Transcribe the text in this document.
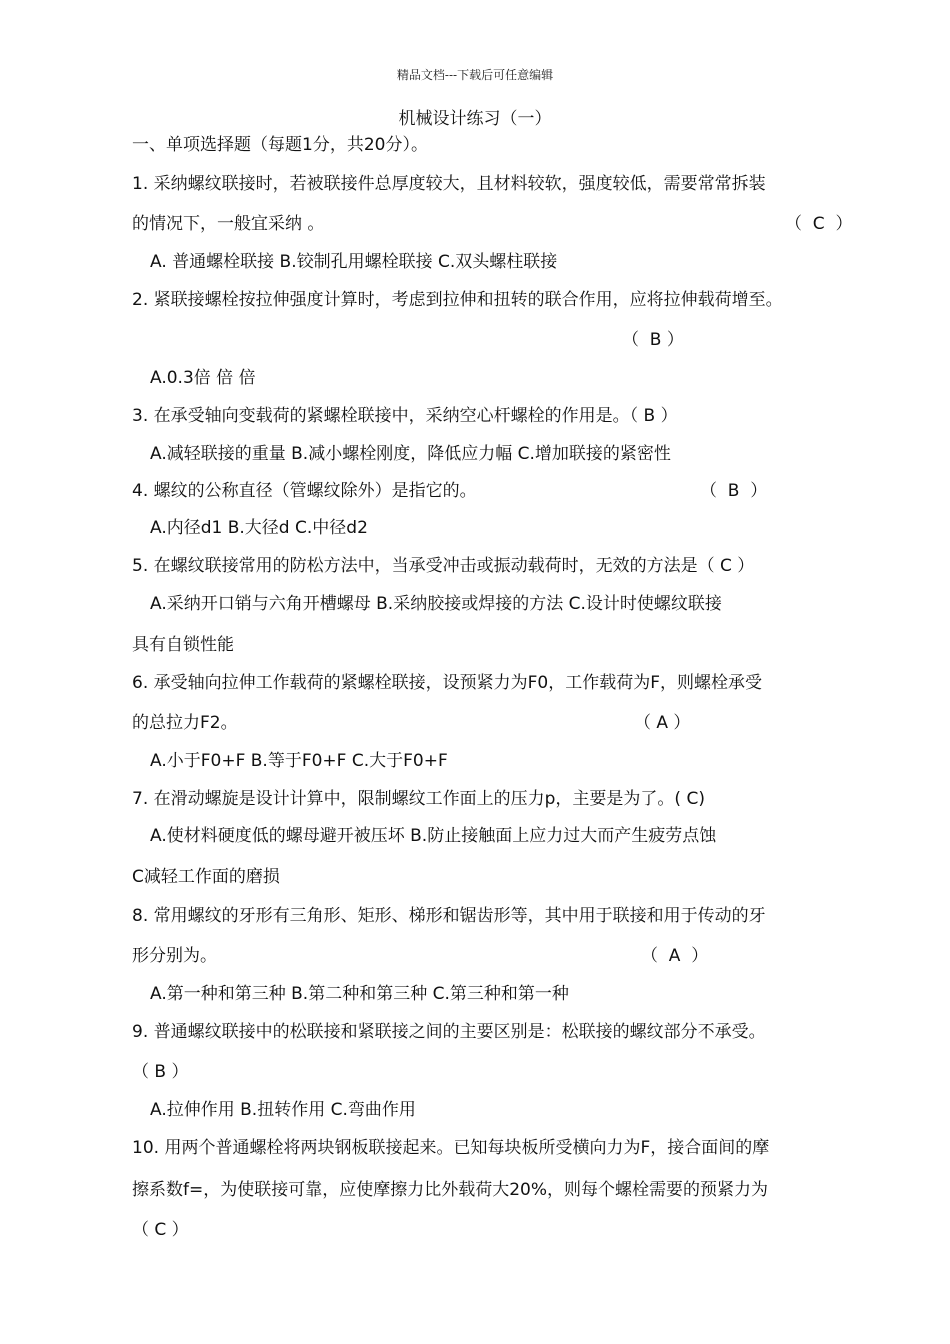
精品文档---下载后可任意编辑
机械设计练习（一）
一、单项选择题（每题1分，共20分）。
1. 采纳螺纹联接时，若被联接件总厚度较大，且材料较软，强度较低，需要常常拆装
的情况下，一般宜采纳 。	（  C  ）
A. 普通螺栓联接 B.铰制孔用螺栓联接 C.双头螺柱联接
2. 紧联接螺栓按拉伸强度计算时，考虑到拉伸和扭转的联合作用，应将拉伸载荷增至。
（  B ）
A.0.3倍 倍 倍
3. 在承受轴向变载荷的紧螺栓联接中，采纳空心杆螺栓的作用是。（ B ）
A.减轻联接的重量 B.减小螺栓刚度，降低应力幅 C.增加联接的紧密性
4. 螺纹的公称直径（管螺纹除外）是指它的。	（  B  ）
A.内径d1 B.大径d C.中径d2
5. 在螺纹联接常用的防松方法中，当承受冲击或振动载荷时，无效的方法是（ C ）
A.采纳开口销与六角开槽螺母 B.采纳胶接或焊接的方法 C.设计时使螺纹联接
具有自锁性能
6. 承受轴向拉伸工作载荷的紧螺栓联接，设预紧力为F0，工作载荷为F，则螺栓承受
的总拉力F2。	（ A ）
A.小于F0+F B.等于F0+F C.大于F0+F
7. 在滑动螺旋是设计计算中，限制螺纹工作面上的压力p，主要是为了。( C)
A.使材料硬度低的螺母避开被压坏 B.防止接触面上应力过大而产生疲劳点蚀
C减轻工作面的磨损
8. 常用螺纹的牙形有三角形、矩形、梯形和锯齿形等，其中用于联接和用于传动的牙
形分别为。	（  A  ）
A.第一种和第三种 B.第二种和第三种 C.第三种和第一种
9. 普通螺纹联接中的松联接和紧联接之间的主要区别是：松联接的螺纹部分不承受。
（ B ）
A.拉伸作用 B.扭转作用 C.弯曲作用
10. 用两个普通螺栓将两块钢板联接起来。已知每块板所受横向力为F，接合面间的摩
擦系数f=，为使联接可靠，应使摩擦力比外载荷大20%，则每个螺栓需要的预紧力为
（ C ）
